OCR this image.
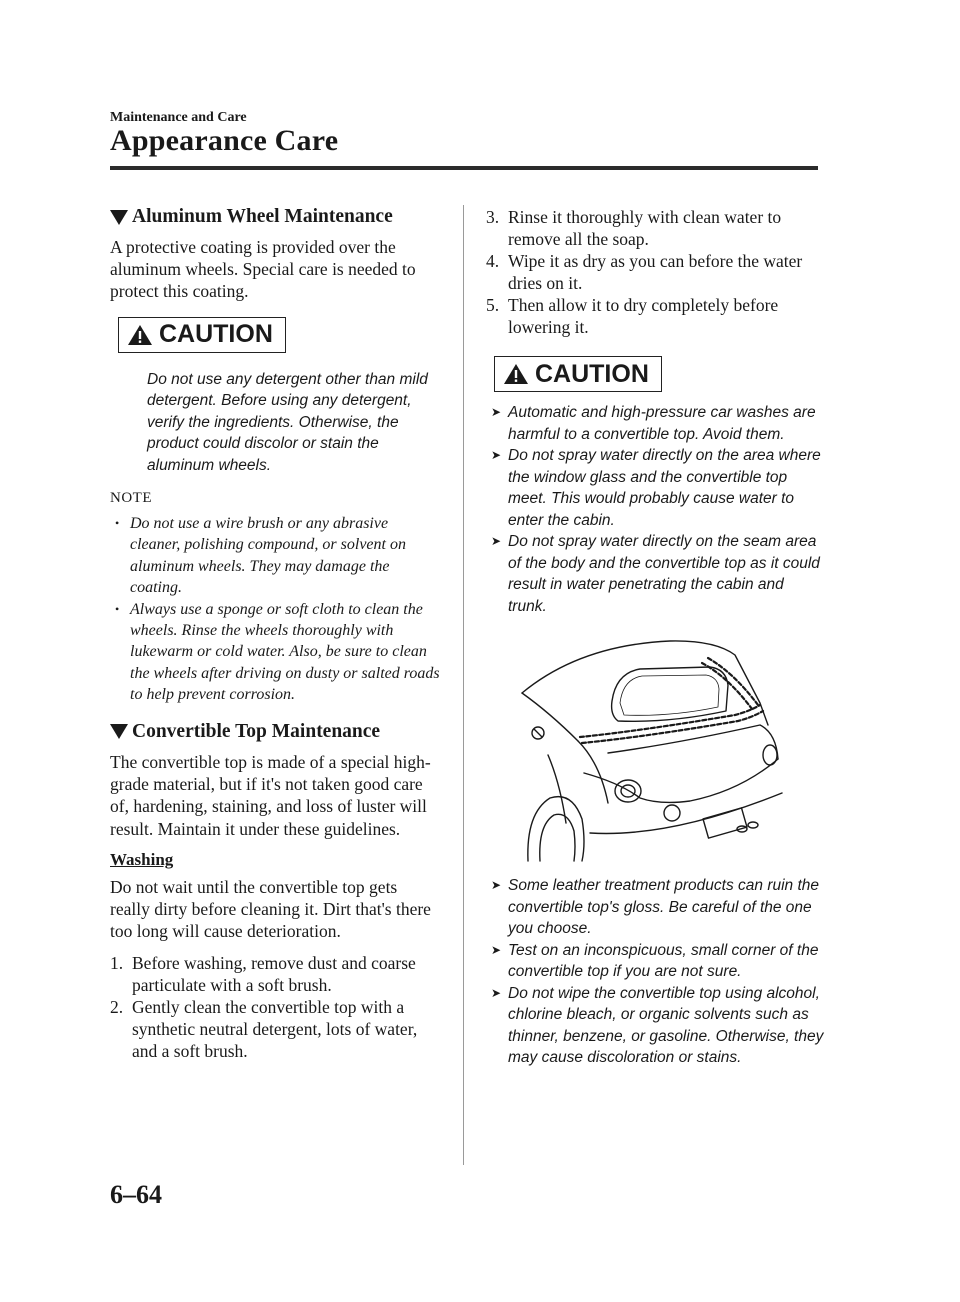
Maintenance and Care
Appearance Care
Aluminum Wheel Maintenance

A protective coating is provided over the aluminum wheels. Special care is needed to protect this coating.

CAUTION
Do not use any detergent other than mild detergent. Before using any detergent, verify the ingredients. Otherwise, the product could discolor or stain the aluminum wheels.
NOTE
• Do not use a wire brush or any abrasive cleaner, polishing compound, or solvent on aluminum wheels. They may damage the coating.
• Always use a sponge or soft cloth to clean the wheels. Rinse the wheels thoroughly with lukewarm or cold water. Also, be sure to clean the wheels after driving on dusty or salted roads to help prevent corrosion.
Convertible Top Maintenance

The convertible top is made of a special high-grade material, but if it's not taken good care of, hardening, staining, and loss of luster will result. Maintain it under these guidelines.

Washing

Do not wait until the convertible top gets really dirty before cleaning it. Dirt that's there too long will cause deterioration.

1. Before washing, remove dust and coarse particulate with a soft brush.
2. Gently clean the convertible top with a synthetic neutral detergent, lots of water, and a soft brush.
3. Rinse it thoroughly with clean water to remove all the soap.
4. Wipe it as dry as you can before the water dries on it.
5. Then allow it to dry completely before lowering it.
CAUTION
➤ Automatic and high-pressure car washes are harmful to a convertible top. Avoid them.
➤ Do not spray water directly on the area where the window glass and the convertible top meet. This would probably cause water to enter the cabin.
➤ Do not spray water directly on the seam area of the body and the convertible top as it could result in water penetrating the cabin and trunk.
➤ Some leather treatment products can ruin the convertible top's gloss. Be careful of the one you choose.
➤ Test on an inconspicuous, small corner of the convertible top if you are not sure.
➤ Do not wipe the convertible top using alcohol, chlorine bleach, or organic solvents such as thinner, benzene, or gasoline. Otherwise, they may cause discoloration or stains.
6–64
